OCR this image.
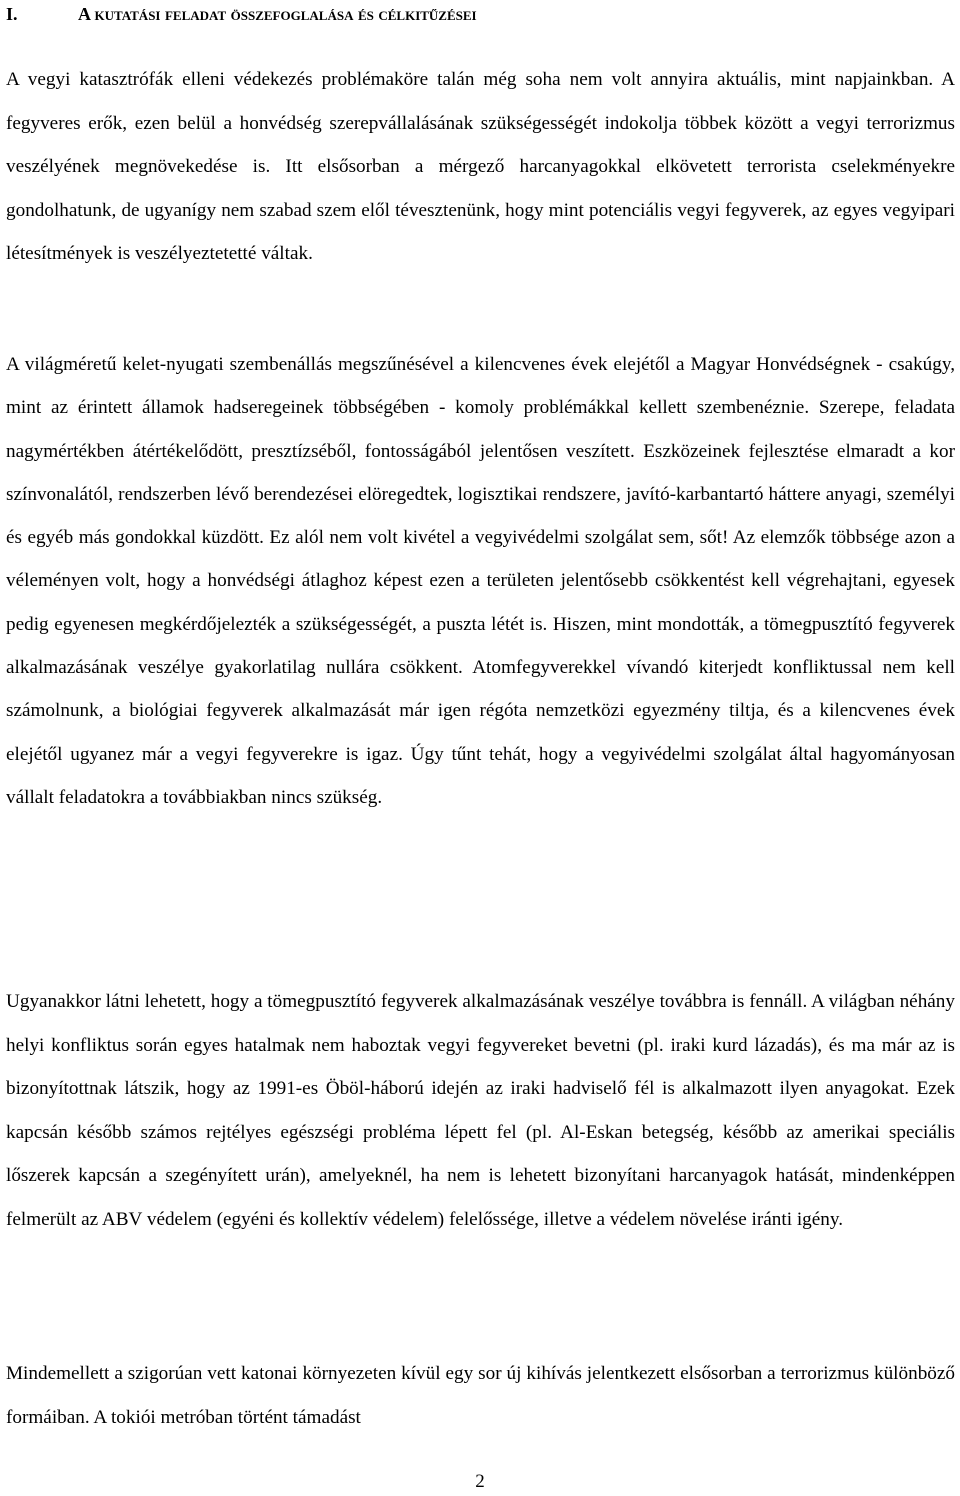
I.	A kutatási feladat összefoglalása és célkitűzései

A vegyi katasztrófák elleni védekezés problémaköre talán még soha nem volt annyira aktuális, mint napjainkban. A fegyveres erők, ezen belül a honvédség szerepvállalásának szükségességét indokolja többek között a vegyi terrorizmus veszélyének megnövekedése is. Itt elsősorban a mérgező harcanyagokkal elkövetett terrorista cselekményekre gondolhatunk, de ugyanígy nem szabad szem elől tévesztenünk, hogy mint potenciális vegyi fegyverek, az egyes vegyipari létesítmények is veszélyeztetetté váltak.

A világméretű kelet-nyugati szembenállás megszűnésével a kilencvenes évek elejétől a Magyar Honvédségnek - csakúgy, mint az érintett államok hadseregeinek többségében - komoly problémákkal kellett szembenéznie. Szerepe, feladata nagymértékben átértékelődött, presztízséből, fontosságából jelentősen veszített. Eszközeinek fejlesztése elmaradt a kor színvonalától, rendszerben lévő berendezései elöregedtek, logisztikai rendszere, javító-karbantartó háttere anyagi, személyi és egyéb más gondokkal küzdött. Ez alól nem volt kivétel a vegyivédelmi szolgálat sem, sőt! Az elemzők többsége azon a véleményen volt, hogy a honvédségi átlaghoz képest ezen a területen jelentősebb csökkentést kell végrehajtani, egyesek pedig egyenesen megkérdőjelezték a szükségességét, a puszta létét is. Hiszen, mint mondották, a tömegpusztító fegyverek alkalmazásának veszélye gyakorlatilag nullára csökkent. Atomfegyverekkel vívandó kiterjedt konfliktussal nem kell számolnunk, a biológiai fegyverek alkalmazását már igen régóta nemzetközi egyezmény tiltja, és a kilencvenes évek elejétől ugyanez már a vegyi fegyverekre is igaz. Úgy tűnt tehát, hogy a vegyivédelmi szolgálat által hagyományosan vállalt feladatokra a továbbiakban nincs szükség.

Ugyanakkor látni lehetett, hogy a tömegpusztító fegyverek alkalmazásának veszélye továbbra is fennáll. A világban néhány helyi konfliktus során egyes hatalmak nem haboztak vegyi fegyvereket bevetni (pl. iraki kurd lázadás), és ma már az is bizonyítottnak látszik, hogy az 1991-es Öböl-háború idején az iraki hadviselő fél is alkalmazott ilyen anyagokat. Ezek kapcsán később számos rejtélyes egészségi probléma lépett fel (pl. Al-Eskan betegség, később az amerikai speciális lőszerek kapcsán a szegényített urán), amelyeknél, ha nem is lehetett bizonyítani harcanyagok hatását, mindenképpen felmerült az ABV védelem (egyéni és kollektív védelem) felelőssége, illetve a védelem növelése iránti igény.

Mindemellett a szigorúan vett katonai környezeten kívül egy sor új kihívás jelentkezett elsősorban a terrorizmus különböző formáiban. A tokiói metróban történt támadást

2
